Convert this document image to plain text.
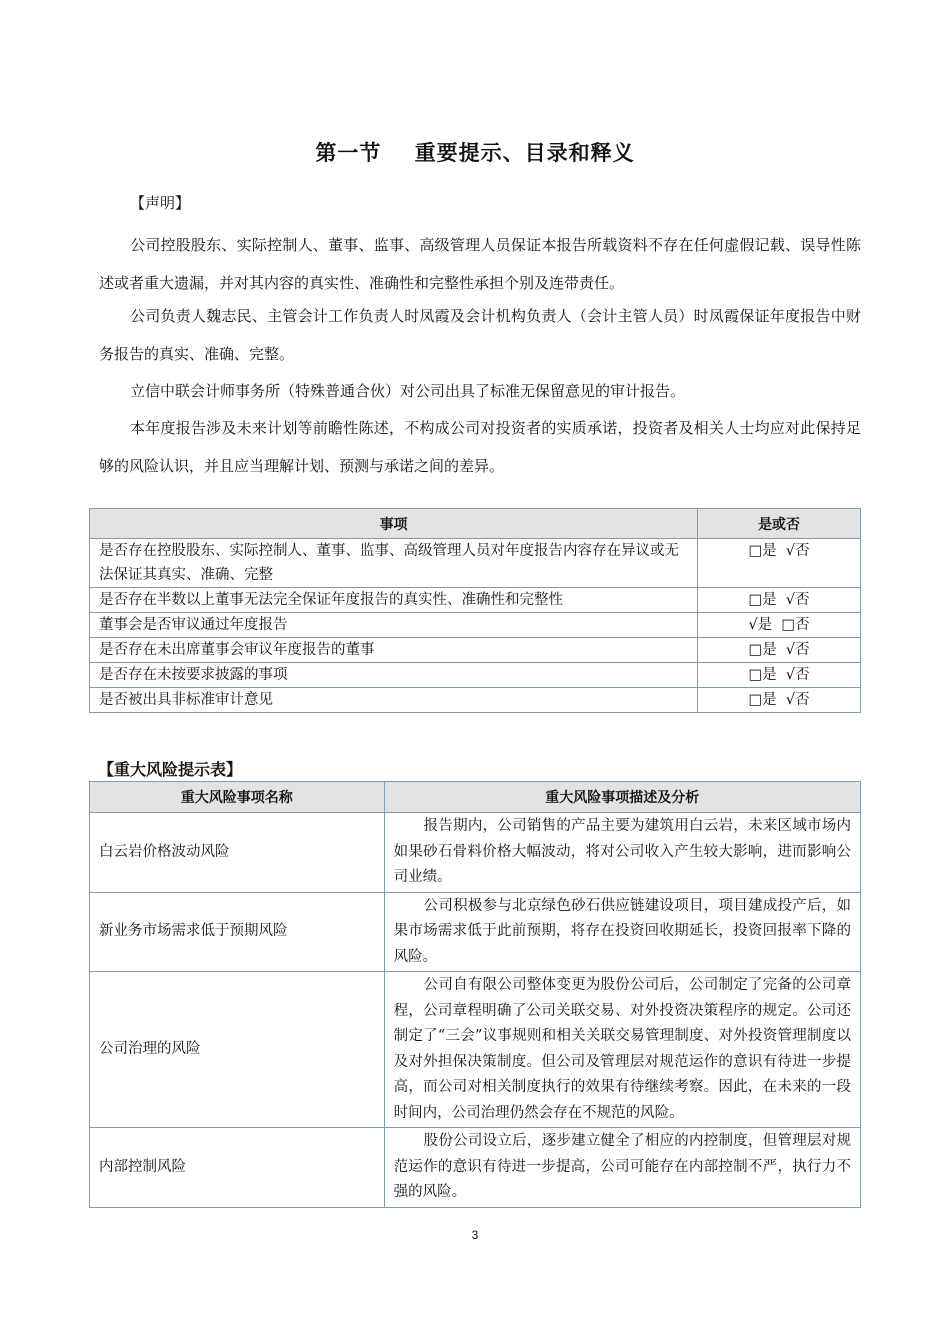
第一节    重要提示、目录和释义
【声明】

公司控股股东、实际控制人、董事、监事、高级管理人员保证本报告所载资料不存在任何虚假记载、误导性陈述或者重大遗漏，并对其内容的真实性、准确性和完整性承担个别及连带责任。

公司负责人魏志民、主管会计工作负责人时凤霞及会计机构负责人（会计主管人员）时凤霞保证年度报告中财务报告的真实、准确、完整。

立信中联会计师事务所（特殊普通合伙）对公司出具了标准无保留意见的审计报告。

本年度报告涉及未来计划等前瞻性陈述，不构成公司对投资者的实质承诺，投资者及相关人士均应对此保持足够的风险认识，并且应当理解计划、预测与承诺之间的差异。

事项	是或否
是否存在控股股东、实际控制人、董事、监事、高级管理人员对年度报告内容存在异议或无法保证其真实、准确、完整	□是  √否
是否存在半数以上董事无法完全保证年度报告的真实性、准确性和完整性	□是  √否
董事会是否审议通过年度报告	√是  □否
是否存在未出席董事会审议年度报告的董事	□是  √否
是否存在未按要求披露的事项	□是  √否
是否被出具非标准审计意见	□是  √否
【重大风险提示表】
重大风险事项名称	重大风险事项描述及分析
白云岩价格波动风险	报告期内，公司销售的产品主要为建筑用白云岩，未来区域市场内如果砂石骨料价格大幅波动，将对公司收入产生较大影响，进而影响公司业绩。
新业务市场需求低于预期风险	公司积极参与北京绿色砂石供应链建设项目，项目建成投产后，如果市场需求低于此前预期，将存在投资回收期延长，投资回报率下降的风险。
公司治理的风险	公司自有限公司整体变更为股份公司后，公司制定了完备的公司章程，公司章程明确了公司关联交易、对外投资决策程序的规定。公司还制定了“三会”议事规则和相关关联交易管理制度、对外投资管理制度以及对外担保决策制度。但公司及管理层对规范运作的意识有待进一步提高，而公司对相关制度执行的效果有待继续考察。因此，在未来的一段时间内，公司治理仍然会存在不规范的风险。
内部控制风险	股份公司设立后，逐步建立健全了相应的内控制度，但管理层对规范运作的意识有待进一步提高，公司可能存在内部控制不严，执行力不强的风险。
3
